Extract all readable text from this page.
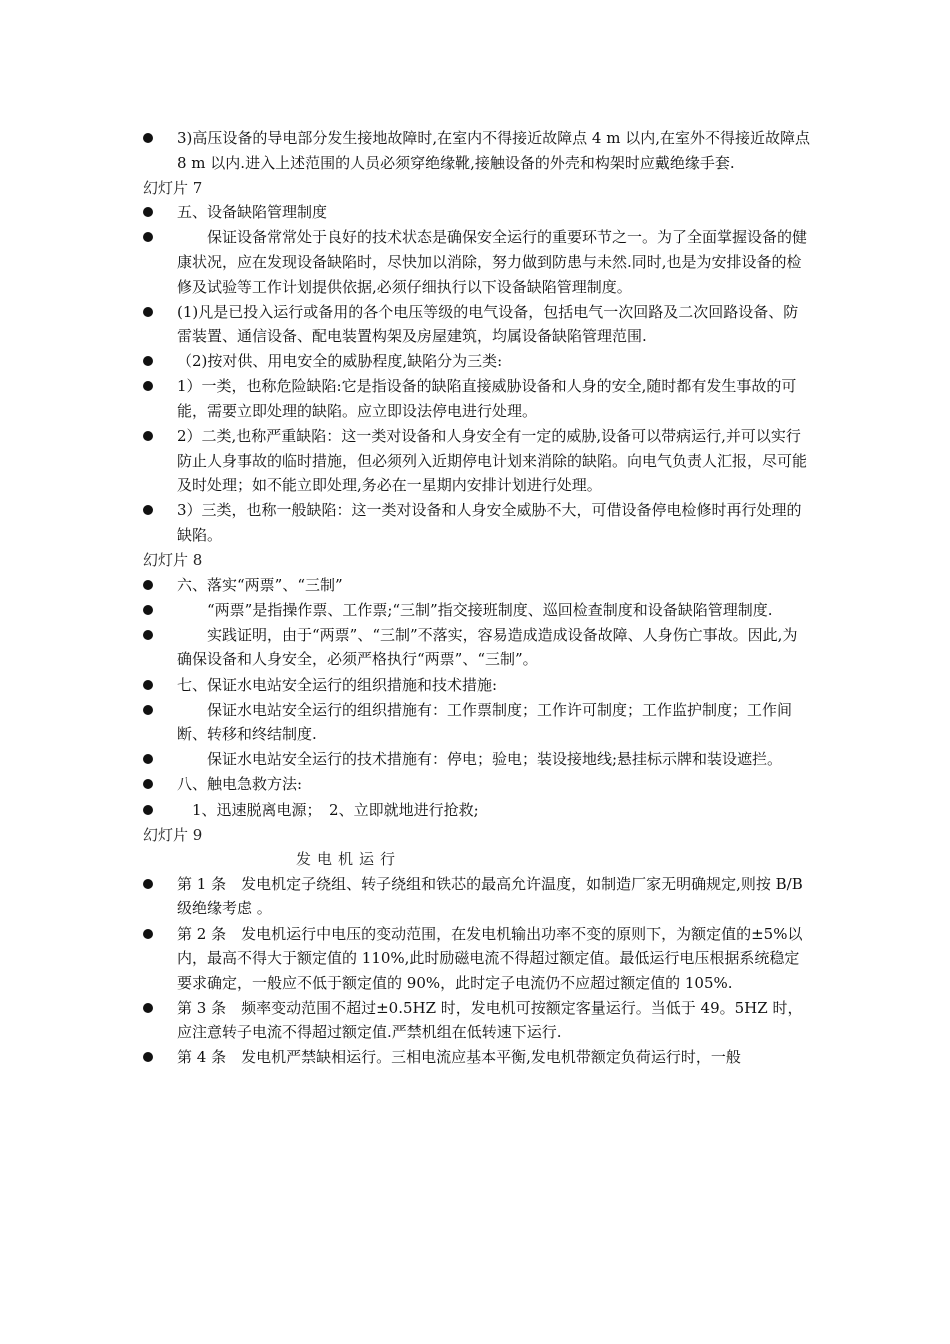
3)高压设备的导电部分发生接地故障时,在室内不得接近故障点 4 m 以内,在室外不得接近故障点 8 m 以内.进入上述范围的人员必须穿绝缘靴,接触设备的外壳和构架时应戴绝缘手套.
幻灯片 7
五、设备缺陷管理制度
　　保证设备常常处于良好的技术状态是确保安全运行的重要环节之一。为了全面掌握设备的健康状况，应在发现设备缺陷时，尽快加以消除，努力做到防患与未然.同时,也是为安排设备的检修及试验等工作计划提供依据,必须仔细执行以下设备缺陷管理制度。
(1)凡是已投入运行或备用的各个电压等级的电气设备，包括电气一次回路及二次回路设备、防雷装置、通信设备、配电装置构架及房屋建筑，均属设备缺陷管理范围.
（2)按对供、用电安全的威胁程度,缺陷分为三类:
1）一类，也称危险缺陷:它是指设备的缺陷直接威胁设备和人身的安全,随时都有发生事故的可能，需要立即处理的缺陷。应立即设法停电进行处理。
2）二类,也称严重缺陷：这一类对设备和人身安全有一定的威胁,设备可以带病运行,并可以实行防止人身事故的临时措施，但必须列入近期停电计划来消除的缺陷。向电气负责人汇报，尽可能及时处理；如不能立即处理,务必在一星期内安排计划进行处理。
3）三类，也称一般缺陷：这一类对设备和人身安全威胁不大，可借设备停电检修时再行处理的缺陷。
幻灯片 8
六、落实“两票”、“三制”
　　“两票”是指操作票、工作票;“三制”指交接班制度、巡回检查制度和设备缺陷管理制度.
　　实践证明，由于“两票”、“三制”不落实，容易造成造成设备故障、人身伤亡事故。因此,为确保设备和人身安全，必须严格执行“两票”、“三制”。
七、保证水电站安全运行的组织措施和技术措施:
　　保证水电站安全运行的组织措施有：工作票制度；工作许可制度；工作监护制度；工作间断、转移和终结制度.
　　保证水电站安全运行的技术措施有：停电；验电；装设接地线;悬挂标示牌和装设遮拦。
八、触电急救方法:
　1、迅速脱离电源；　2、立即就地进行抢救;
幻灯片 9
发电机运行
第 1 条　发电机定子绕组、转子绕组和铁芯的最高允许温度，如制造厂家无明确规定,则按 B/B 级绝缘考虑 。
第 2 条　发电机运行中电压的变动范围，在发电机输出功率不变的原则下，为额定值的±5%以内，最高不得大于额定值的 110%,此时励磁电流不得超过额定值。最低运行电压根据系统稳定要求确定，一般应不低于额定值的 90%，此时定子电流仍不应超过额定值的 105%.
第 3 条　频率变动范围不超过±0.5HZ 时，发电机可按额定客量运行。当低于 49。5HZ 时，应注意转子电流不得超过额定值.严禁机组在低转速下运行.
第 4 条　发电机严禁缺相运行。三相电流应基本平衡,发电机带额定负荷运行时，一般
